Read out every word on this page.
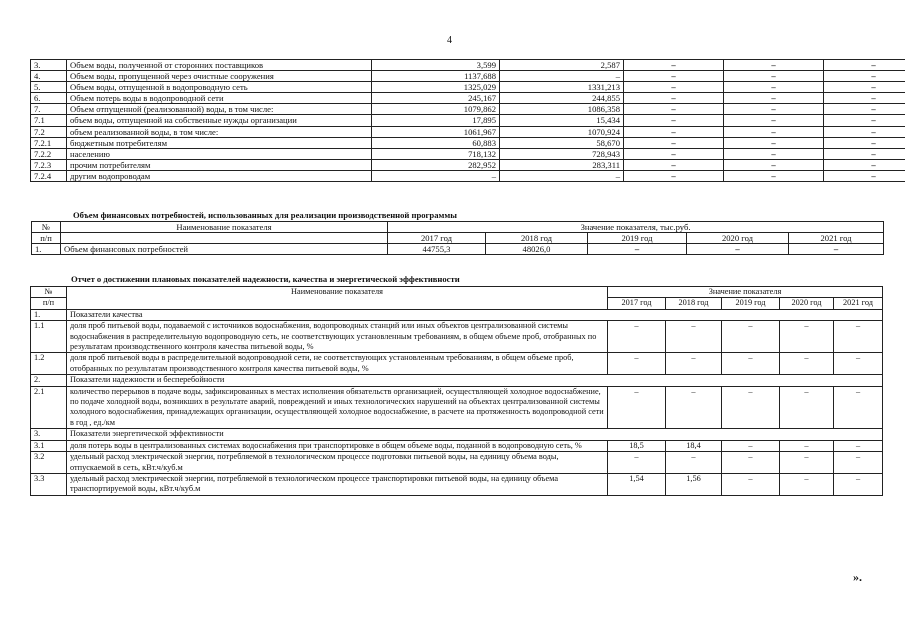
4
3.	Объем воды, полученной от сторонних поставщиков	3,599	2,587	–	–	–
4.	Объем воды, пропущенной через очистные сооружения	1137,688	–	–	–	–
5.	Объем воды, отпущенной в водопроводную сеть	1325,029	1331,213	–	–	–
6.	Объем потерь воды в водопроводной сети	245,167	244,855	–	–	–
7.	Объем отпущенной (реализованной) воды, в том числе:	1079,862	1086,358	–	–	–
7.1	объем воды, отпущенной на собственные нужды организации	17,895	15,434	–	–	–
7.2	объем реализованной воды, в том числе:	1061,967	1070,924	–	–	–
7.2.1	бюджетным потребителям	60,883	58,670	–	–	–
7.2.2	населению	718,132	728,943	–	–	–
7.2.3	прочим потребителям	282,952	283,311	–	–	–
7.2.4	другим водопроводам	–	–	–	–	–
Объем финансовых потребностей, использованных для реализации производственной программы
№	Наименование показателя	Значение показателя, тыс.руб.				
п/п		2017 год	2018 год	2019 год	2020 год	2021 год
1.	Объем финансовых потребностей	44755,3	48026,0	–	–	–
Отчет о достижении плановых показателей надежности, качества и энергетической эффективности
№	Наименование показателя	Значение показателя				
п/п		2017 год	2018 год	2019 год	2020 год	2021 год
1.	Показатели качества					
1.1	доля проб питьевой воды, подаваемой с источников водоснабжения, водопроводных станций или иных объектов централизованной системы водоснабжения в распределительную водопроводную сеть, не соответствующих установленным требованиям, в общем объеме проб, отобранных по результатам производственного контроля качества питьевой воды, %	–	–	–	–	–
1.2	доля проб питьевой воды в распределительной водопроводной сети, не соответствующих установленным требованиям, в общем объеме проб, отобранных по результатам производственного контроля качества питьевой воды, %	–	–	–	–	–
2.	Показатели надежности и бесперебойности					
2.1	количество перерывов в подаче воды, зафиксированных в местах исполнения обязательств организацией, осуществляющей холодное водоснабжение, по подаче холодной воды, возникших в результате аварий, повреждений и иных технологических нарушений на объектах централизованной системы холодного водоснабжения, принадлежащих организации, осуществляющей холодное водоснабжение, в расчете на протяженность водопроводной сети в год , ед./км	–	–	–	–	–
3.	Показатели энергетической эффективности					
3.1	доля потерь воды в централизованных системах водоснабжения при транспортировке в общем объеме воды, поданной в водопроводную сеть, %	18,5	18,4	–	–	–
3.2	удельный расход электрической энергии, потребляемой в технологическом процессе подготовки питьевой воды, на единицу объема воды, отпускаемой в сеть, кВт.ч/куб.м	–	–	–	–	–
3.3	удельный расход электрической энергии, потребляемой в технологическом процессе транспортировки питьевой воды, на единицу объема транспортируемой воды, кВт.ч/куб.м	1,54	1,56	–	–	–
».
